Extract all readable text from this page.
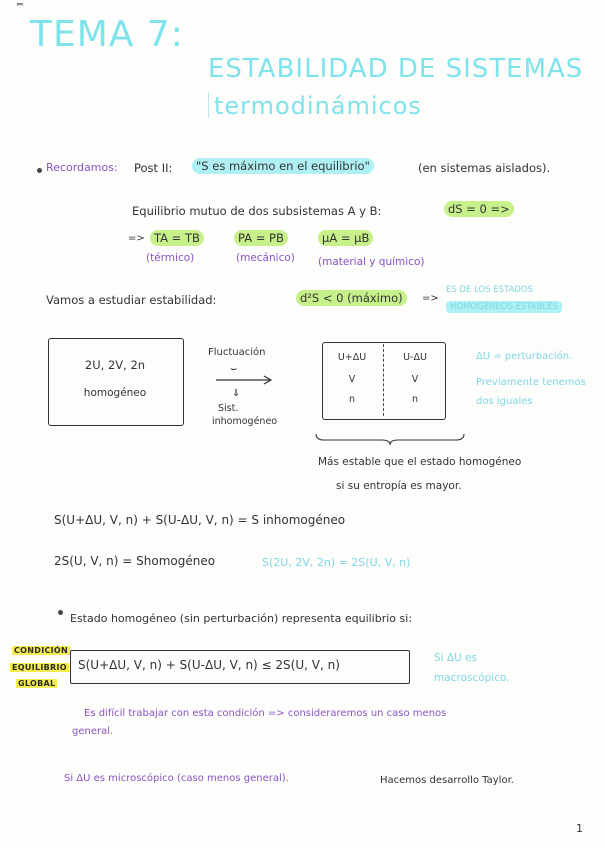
⌐̶
TEMA 7:
ESTABILIDAD DE SISTEMAS
termodinámicos
Recordamos: Post II:	"S es máximo en el equilibrio"	(en sistemas aislados).
Equilibrio mutuo de dos subsistemas A y B:	dS = 0 =>
=> TA = TB	PA = PB	μA = μB
(térmico)	(mecánico) (material y químico)
Vamos a estudiar estabilidad:	d²S < 0 (máximo)	=>
ES DE LOS ESTADOS
HOMOGÉNEOS ESTABLES
2U, 2V, 2n
homogéneo
Fluctuación
⌣
⇓
Sist.
inhomogéneo
U+ΔU
V
n
U-ΔU
V
n
ΔU = perturbación.
Previamente tenemos
dos iguales
Más estable que el estado homogéneo
si su entropía es mayor.
S(U+ΔU, V, n) + S(U-ΔU, V, n) = S inhomogéneo
2S(U, V, n) = Shomogéneo	S(2U, 2V, 2n) = 2S(U, V, n)
Estado homogéneo (sin perturbación) representa equilibrio si:
CONDICIÓN
EQUILIBRIO
GLOBAL
S(U+ΔU, V, n) + S(U-ΔU, V, n) ≤ 2S(U, V, n)	Si ΔU es
macroscópico.
Es difícil trabajar con esta condición => consideraremos un caso menos
general.
Si ΔU es microscópico (caso menos general).	Hacemos desarrollo Taylor.
1
